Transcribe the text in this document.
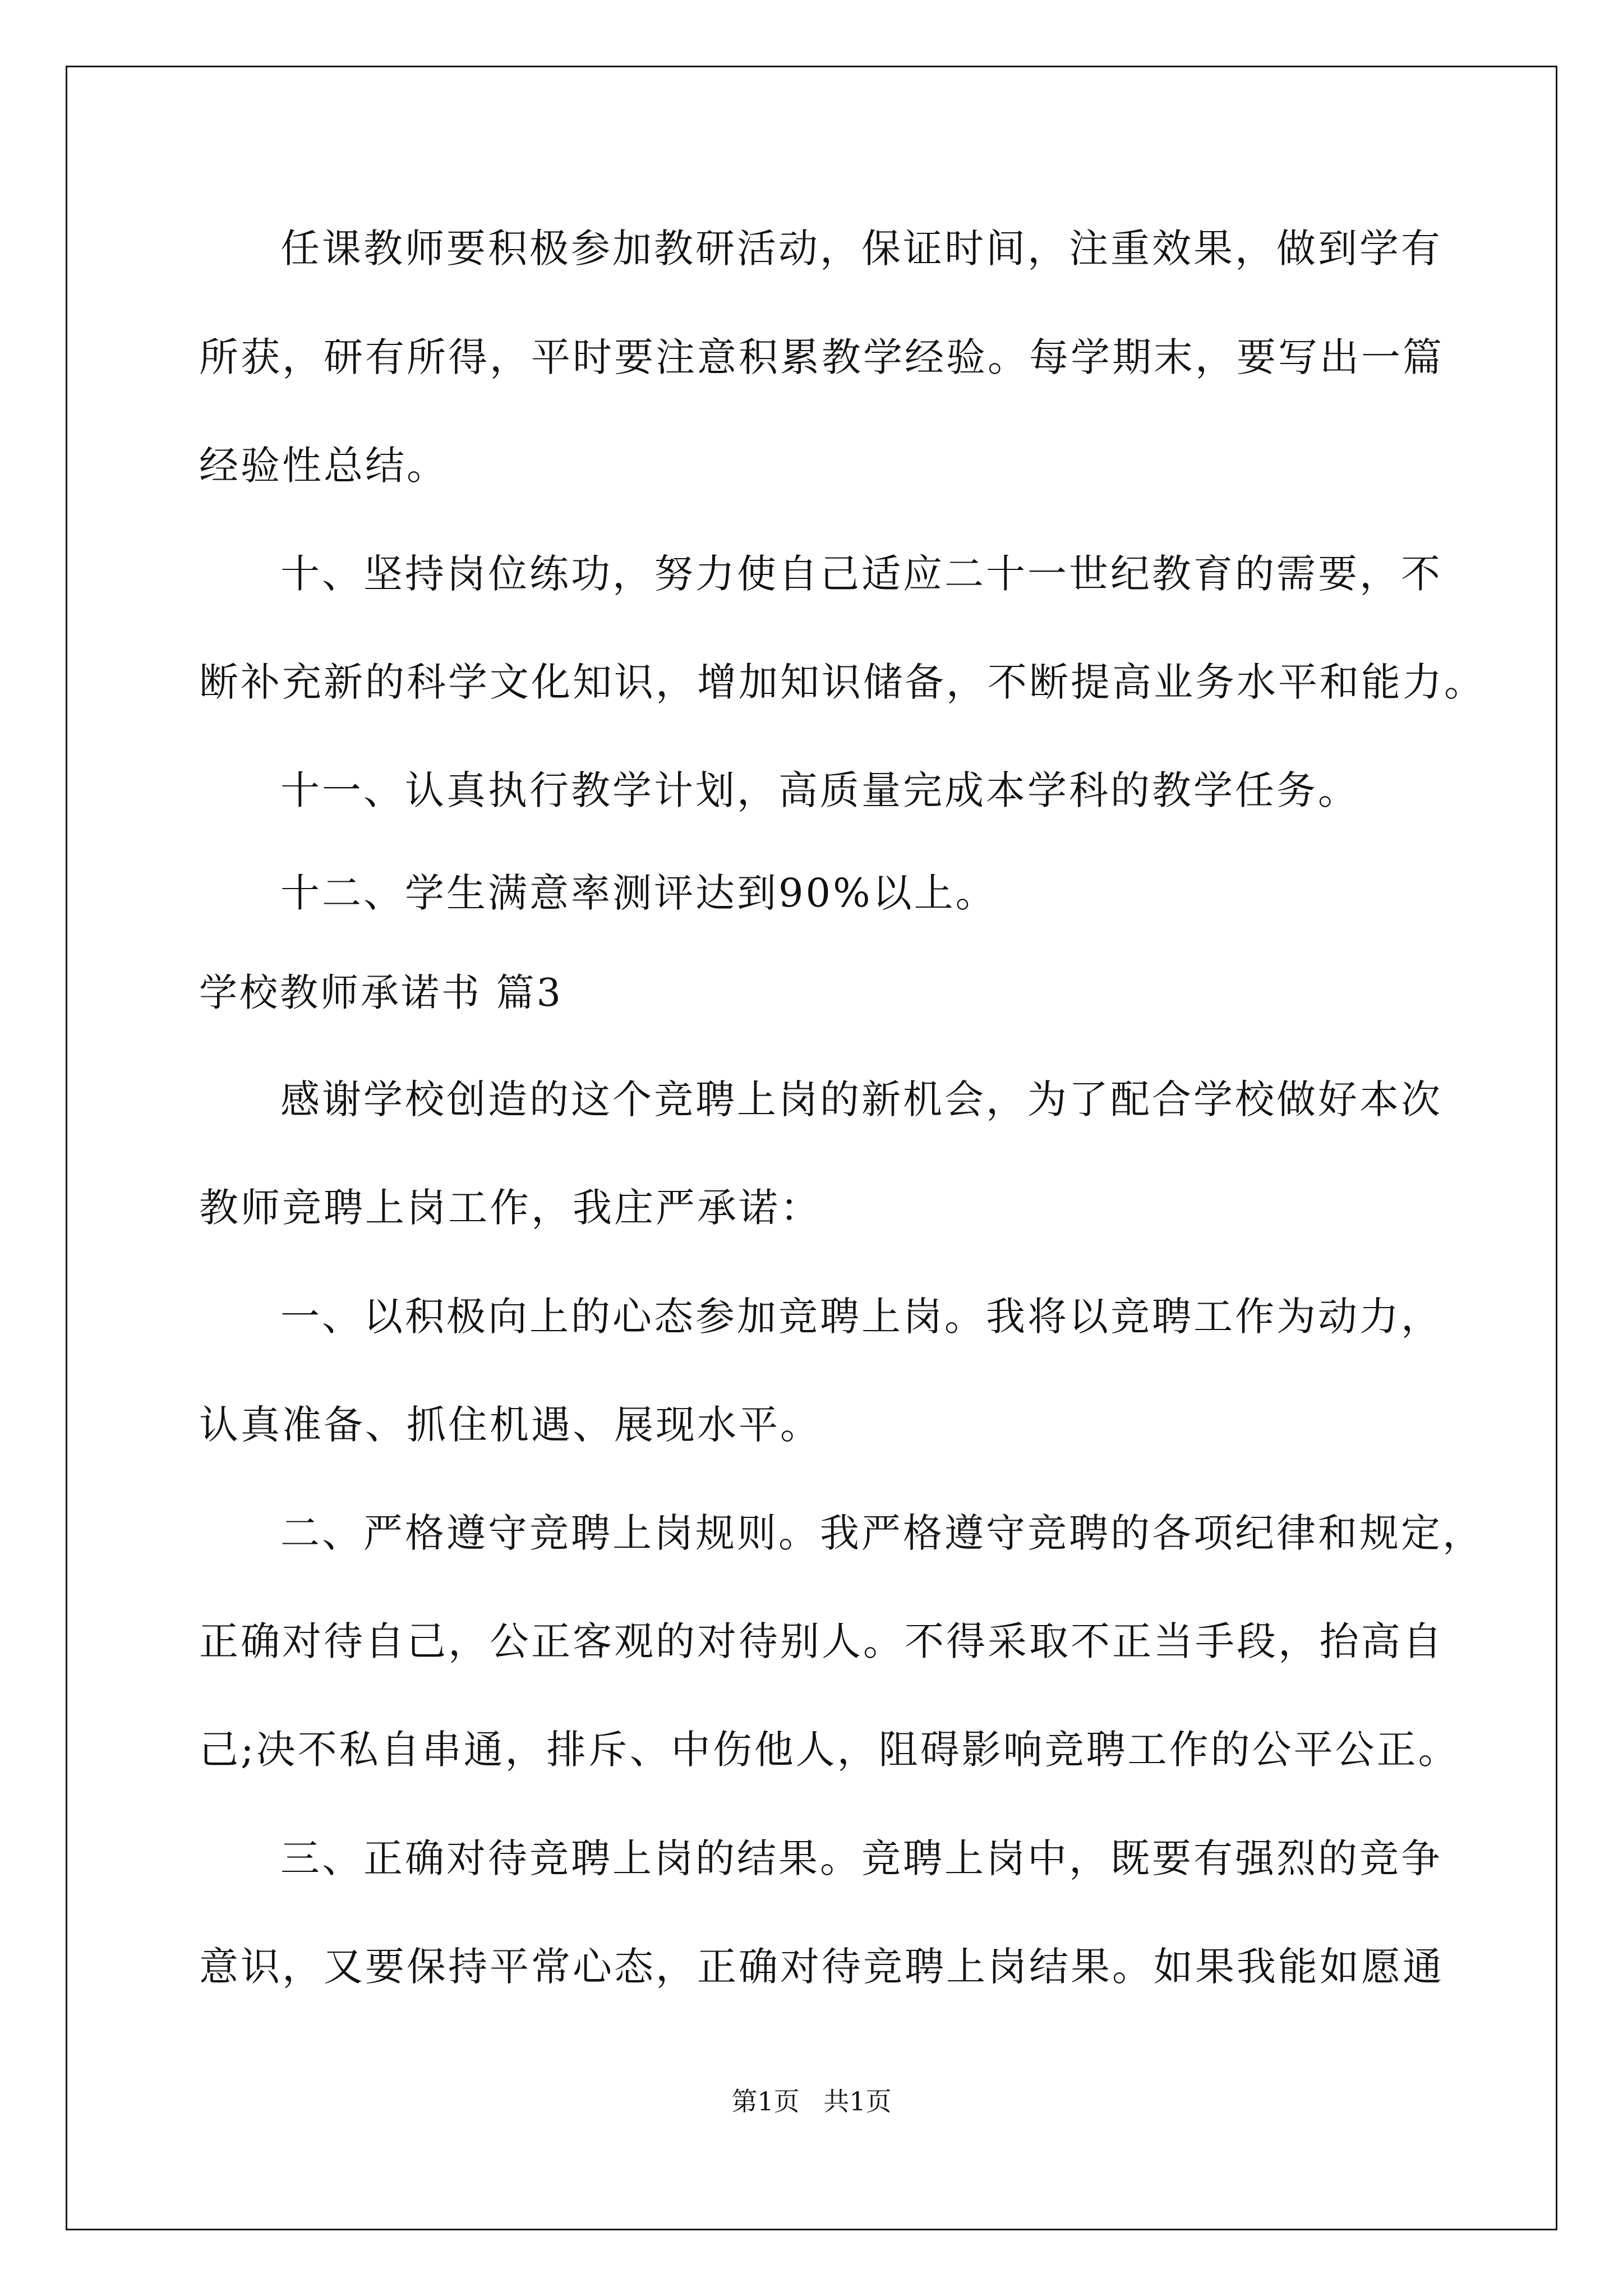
任课教师要积极参加教研活动，保证时间，注重效果，做到学有
所获，研有所得，平时要注意积累教学经验。每学期末，要写出一篇
经验性总结。
十、坚持岗位练功，努力使自己适应二十一世纪教育的需要，不
断补充新的科学文化知识，增加知识储备，不断提高业务水平和能力。
十一、认真执行教学计划，高质量完成本学科的教学任务。
十二、学生满意率测评达到90%以上。
学校教师承诺书 篇3
感谢学校创造的这个竞聘上岗的新机会，为了配合学校做好本次
教师竞聘上岗工作，我庄严承诺：
一、以积极向上的心态参加竞聘上岗。我将以竞聘工作为动力，
认真准备、抓住机遇、展现水平。
二、严格遵守竞聘上岗规则。我严格遵守竞聘的各项纪律和规定，
正确对待自己，公正客观的对待别人。不得采取不正当手段，抬高自
己;决不私自串通，排斥、中伤他人，阻碍影响竞聘工作的公平公正。
三、正确对待竞聘上岗的结果。竞聘上岗中，既要有强烈的竞争
意识，又要保持平常心态，正确对待竞聘上岗结果。如果我能如愿通
第1页 共1页
